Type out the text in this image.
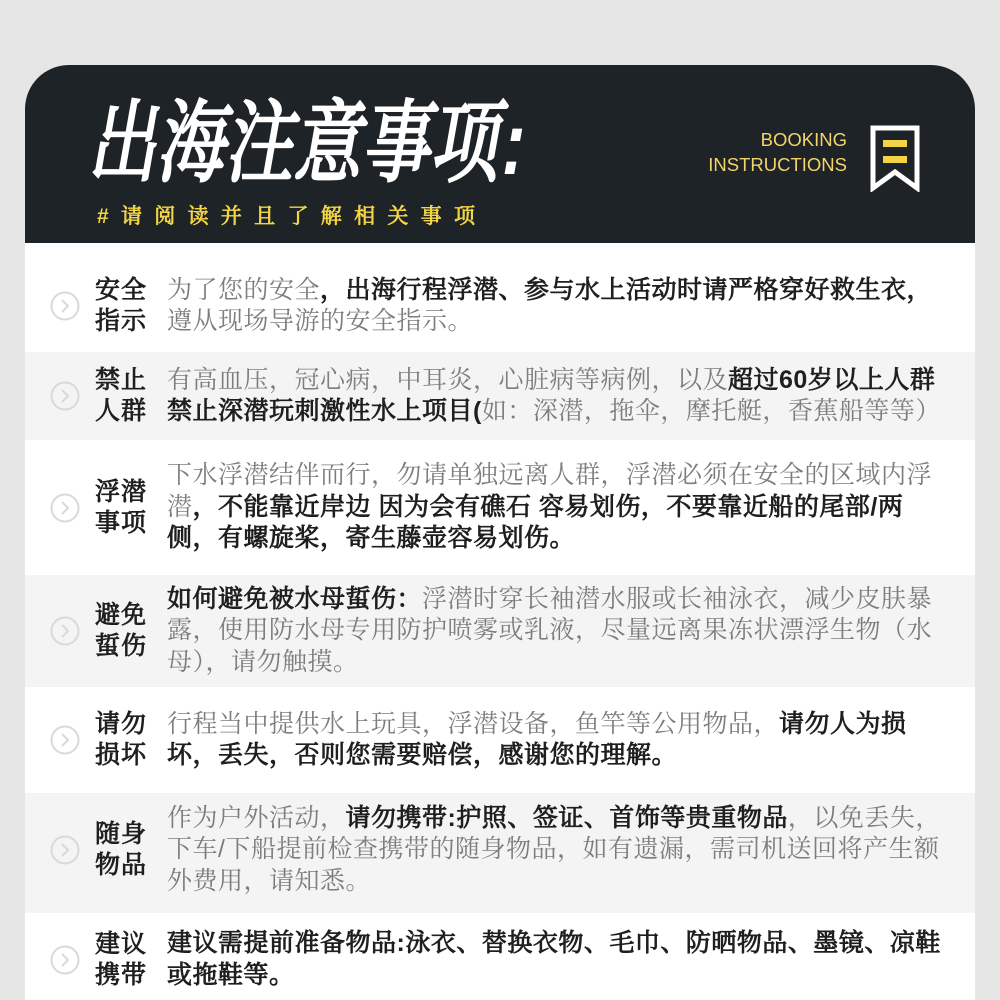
出海注意事项:
#请阅读并且了解相关事项
BOOKING
INSTRUCTIONS
安全指示

为了您的安全，出海行程浮潜、参与水上活动时请严格穿好救生衣，遵从现场导游的安全指示。

禁止人群

有高血压，冠心病，中耳炎，心脏病等病例，以及超过60岁以上人群禁止深潜玩刺激性水上项目(如：深潜，拖伞，摩托艇，香蕉船等等）

浮潜事项

下水浮潜结伴而行，勿请单独远离人群，浮潜必须在安全的区域内浮潜，不能靠近岸边 因为会有礁石 容易划伤，不要靠近船的尾部/两侧，有螺旋桨，寄生藤壶容易划伤。

避免蜇伤

如何避免被水母蜇伤：浮潜时穿长袖潜水服或长袖泳衣，减少皮肤暴露，使用防水母专用防护喷雾或乳液，尽量远离果冻状漂浮生物（水母），请勿触摸。

请勿损坏

行程当中提供水上玩具，浮潜设备，鱼竿等公用物品，请勿人为损坏，丢失，否则您需要赔偿，感谢您的理解。

随身物品

作为户外活动，请勿携带:护照、签证、首饰等贵重物品，以免丢失，下车/下船提前检查携带的随身物品，如有遗漏，需司机送回将产生额外费用，请知悉。

建议携带

建议需提前准备物品:泳衣、替换衣物、毛巾、防晒物品、墨镜、凉鞋或拖鞋等。
